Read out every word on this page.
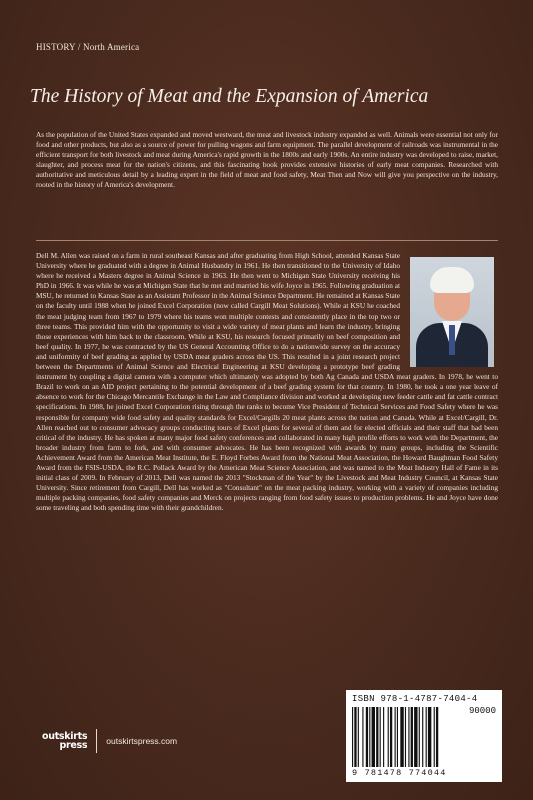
HISTORY / North America
The History of Meat and the Expansion of America
As the population of the United States expanded and moved westward, the meat and livestock industry expanded as well. Animals were essential not only for food and other products, but also as a source of power for pulling wagons and farm equipment. The parallel development of railroads was instrumental in the efficient transport for both livestock and meat during America's rapid growth in the 1800s and early 1900s. An entire industry was developed to raise, market, slaughter, and process meat for the nation's citizens, and this fascinating book provides extensive histories of early meat companies. Researched with authoritative and meticulous detail by a leading expert in the field of meat and food safety, Meat Then and Now will give you perspective on the industry, rooted in the history of America's development.
Dell M. Allen was raised on a farm in rural southeast Kansas and after graduating from High School, attended Kansas State University where he graduated with a degree in Animal Husbandry in 1961. He then transitioned to the University of Idaho where he received a Masters degree in Animal Science in 1963. He then went to Michigan State University receiving his PhD in 1966. It was while he was at Michigan State that he met and married his wife Joyce in 1965. Following graduation at MSU, he returned to Kansas State as an Assistant Professor in the Animal Science Department. He remained at Kansas State on the faculty until 1988 when he joined Excel Corporation (now called Cargill Meat Solutions). While at KSU he coached the meat judging team from 1967 to 1979 where his teams won multiple contests and consistently place in the top two or three teams. This provided him with the opportunity to visit a wide variety of meat plants and learn the industry, bringing those experiences with him back to the classroom. While at KSU, his research focused primarily on beef composition and beef quality. In 1977, he was contracted by the US General Accounting Office to do a nationwide survey on the accuracy and uniformity of beef grading as applied by USDA meat graders across the US. This resulted in a joint research project between the Departments of Animal Science and Electrical Engineering at KSU developing a prototype beef grading instrument by coupling a digital camera with a computer which ultimately was adopted by both Ag Canada and USDA meat graders. In 1978, he went to Brazil to work on an AID project pertaining to the potential development of a beef grading system for that country. In 1980, he took a one year leave of absence to work for the Chicago Mercantile Exchange in the Law and Compliance division and worked at developing new feeder cattle and fat cattle contract specifications. In 1988, he joined Excel Corporation rising through the ranks to become Vice President of Technical Services and Food Safety where he was responsible for company wide food safety and quality standards for Excel/Cargills 20 meat plants across the nation and Canada. While at Excel/Cargill, Dr. Allen reached out to consumer advocacy groups conducting tours of Excel plants for several of them and for elected officials and their staff that had been critical of the industry. He has spoken at many major food safety conferences and collaborated in many high profile efforts to work with the Department, the broader industry from farm to fork, and with consumer advocates. He has been recognized with awards by many groups, including the Scientific Achievement Award from the American Meat Institute, the E. Floyd Forbes Award from the National Meat Association, the Howard Baughman Food Safety Award from the FSIS-USDA, the R.C. Pollack Award by the American Meat Science Association, and was named to the Meat Industry Hall of Fame in its initial class of 2009. In February of 2013, Dell was named the 2013 "Stockman of the Year" by the Livestock and Meat Industry Council, at Kansas State University. Since retirement from Cargill, Dell has worked as "Consultant" on the meat packing industry, working with a variety of companies including multiple packing companies, food safety companies and Merck on projects ranging from food safety issues to production problems. He and Joyce have done some traveling and both spending time with their grandchildren.
ISBN 978-1-4787-7404-4
90000
9 781478 774044
outskirts
press outskirtspress.com
